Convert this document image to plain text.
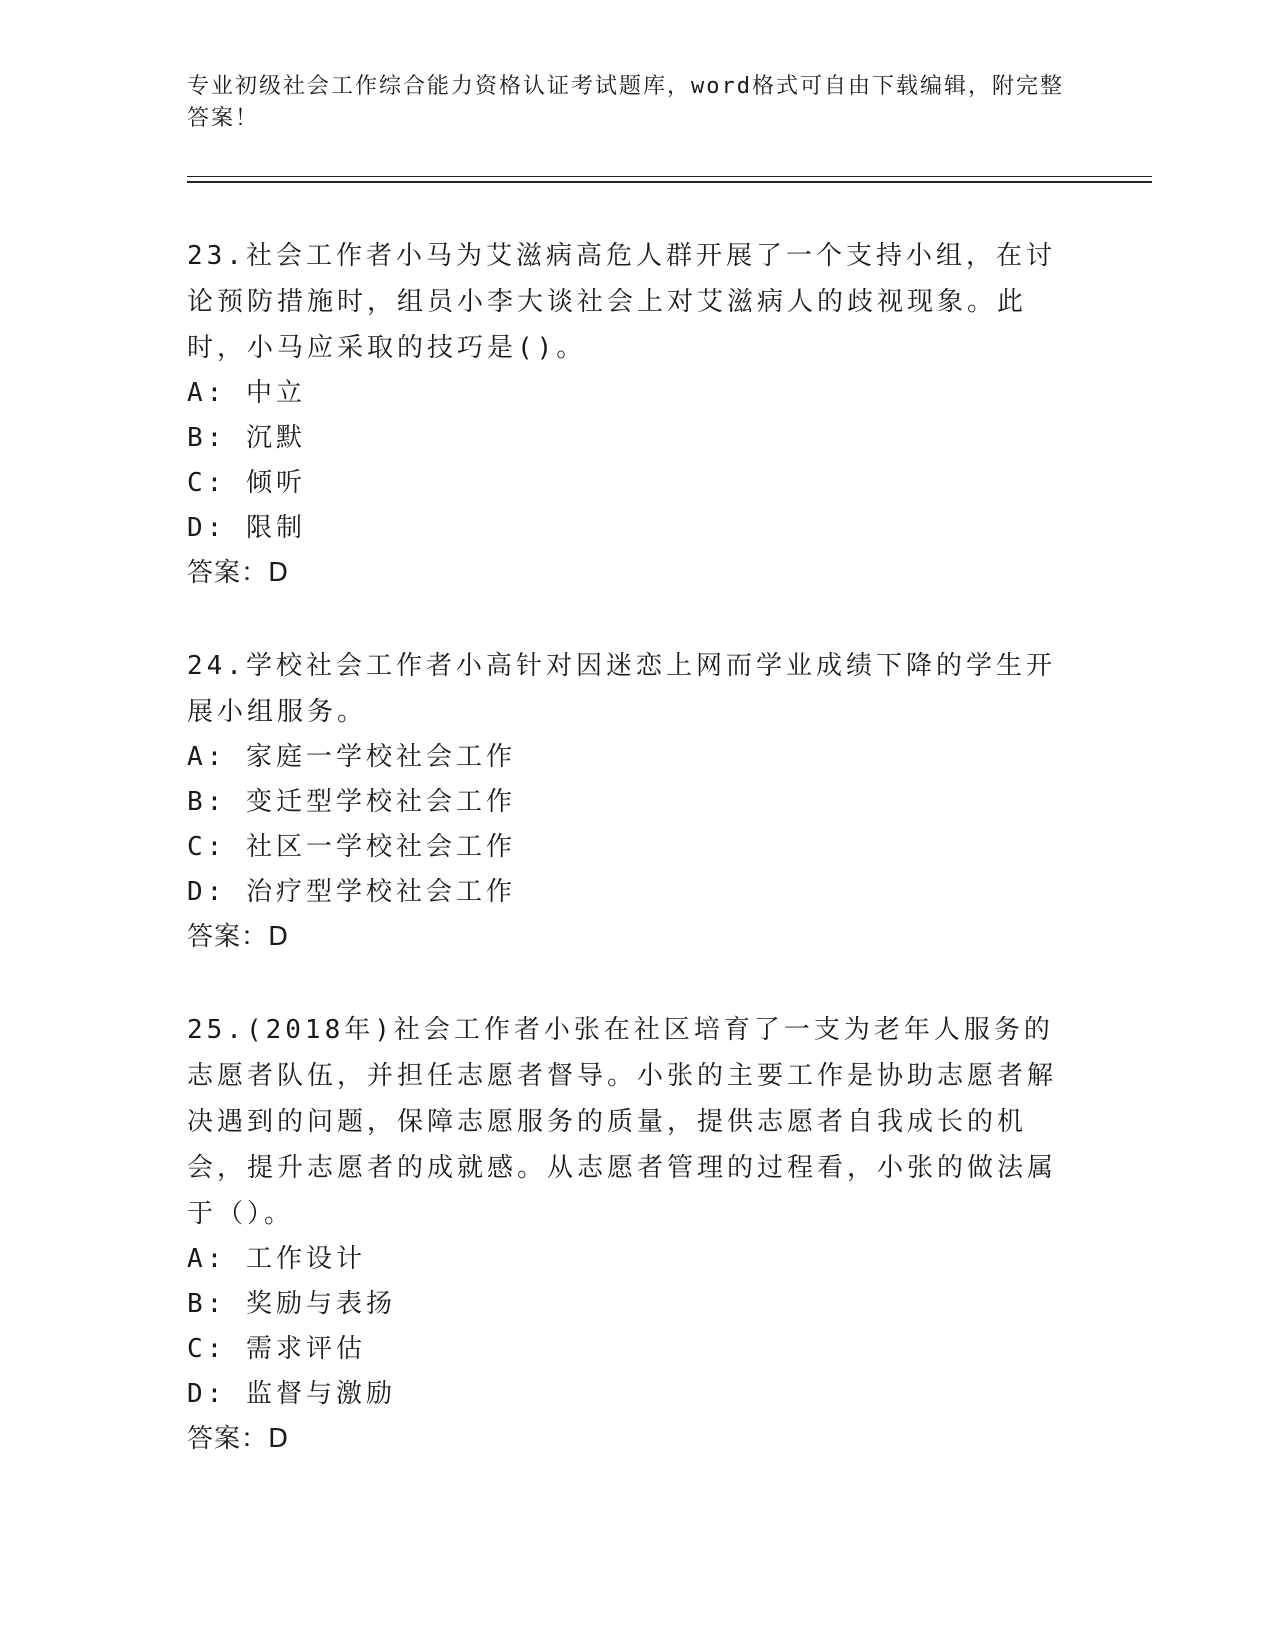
专业初级社会工作综合能力资格认证考试题库，word格式可自由下载编辑，附完整答案！

23.社会工作者小马为艾滋病高危人群开展了一个支持小组，在讨论预防措施时，组员小李大谈社会上对艾滋病人的歧视现象。此时，小马应采取的技巧是()。

A: 中立

B: 沉默

C: 倾听

D: 限制

答案：D

24.学校社会工作者小高针对因迷恋上网而学业成绩下降的学生开展小组服务。

A: 家庭一学校社会工作

B: 变迁型学校社会工作

C: 社区一学校社会工作

D: 治疗型学校社会工作

答案：D

25.(2018年)社会工作者小张在社区培育了一支为老年人服务的志愿者队伍，并担任志愿者督导。小张的主要工作是协助志愿者解决遇到的问题，保障志愿服务的质量，提供志愿者自我成长的机会，提升志愿者的成就感。从志愿者管理的过程看，小张的做法属于（）。

A: 工作设计

B: 奖励与表扬

C: 需求评估

D: 监督与激励

答案：D
